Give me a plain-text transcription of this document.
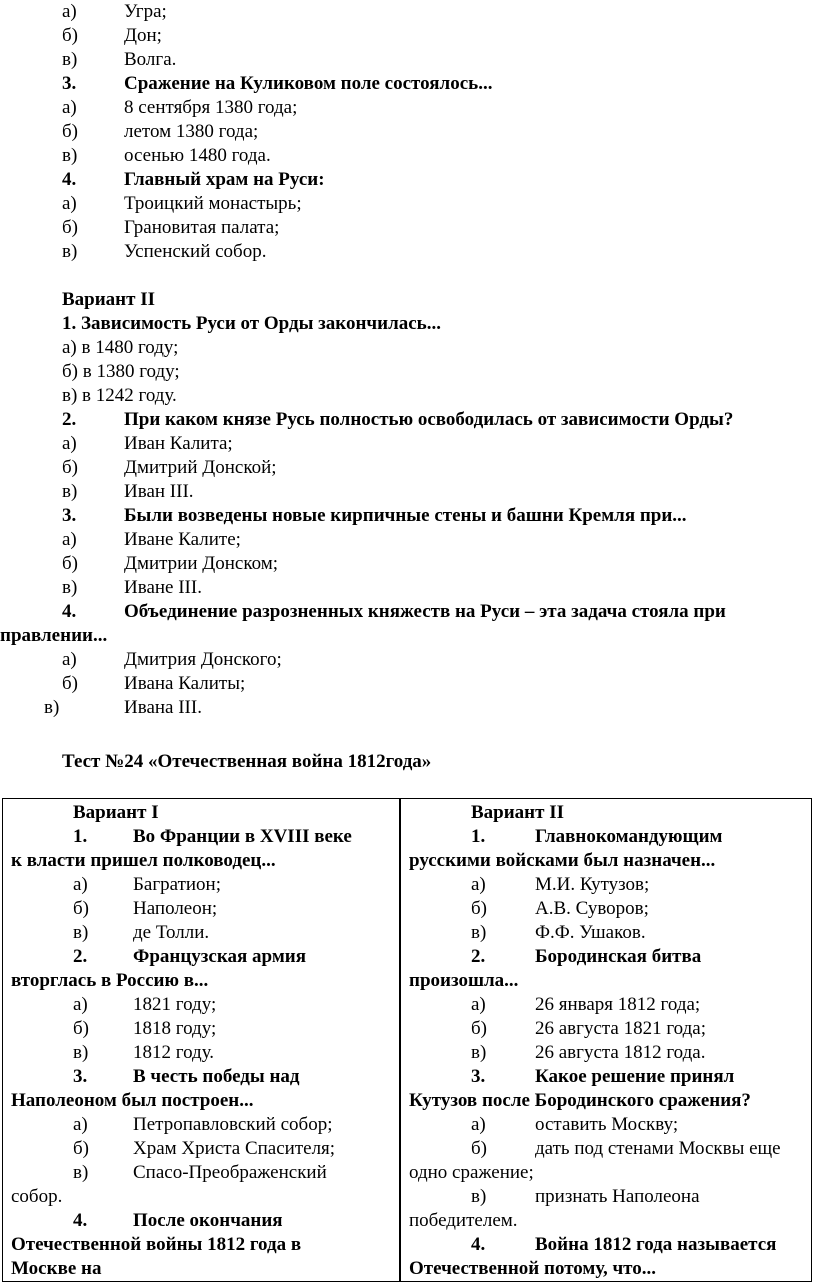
а) Угра;
б) Дон;
в) Волга.
3.	Сражение на Куликовом поле состоялось...
а) 8 сентября 1380 года;
б) летом 1380 года;
в) осенью 1480 года.
4.	Главный храм на Руси:
а) Троицкий монастырь;
б) Грановитая палата;
в) Успенский собор.
Вариант II
1. Зависимость Руси от Орды закончилась...
а) в 1480 году;
б) в 1380 году;
в) в 1242 году.
2.	При каком князе Русь полностью освободилась от зависимости Орды?
а) Иван Калита;
б) Дмитрий Донской;
в) Иван III.
3.	Были возведены новые кирпичные стены и башни Кремля при...
а) Иване Калите;
б) Дмитрии Донском;
в) Иване III.
4.	Объединение разрозненных княжеств на Руси – эта задача стояла при
правлении...
а) Дмитрия Донского;
б) Ивана Калиты;
в)	Ивана III.
Тест №24 «Отечественная война 1812года»
Вариант I
1. Во Франции в XVIII веке
к власти пришел полководец...
а) Багратион;
б) Наполеон;
в) де Толли.
2. Французская армия
вторглась в Россию в...
а) 1821 году;
б) 1818 году;
в) 1812 году.
3. В честь победы над
Наполеоном был построен...
а) Петропавловский собор;
б) Храм Христа Спасителя;
в) Спасо-Преображенский
собор.
4. После окончания
Отечественной войны 1812 года в
Москве на
Вариант II
1.	Главнокомандующим
русскими войсками был назначен...
а)	М.И. Кутузов;
б)	А.В. Суворов;
в)	Ф.Ф. Ушаков.
2.	Бородинская битва
произошла...
а)	26 января 1812 года;
б)	26 августа 1821 года;
в)	26 августа 1812 года.
3.	Какое решение принял
Кутузов после Бородинского сражения?
а)	оставить Москву;
б)	дать под стенами Москвы еще
одно сражение;
в)	признать Наполеона
победителем.
4.	Война 1812 года называется
Отечественной потому, что...
